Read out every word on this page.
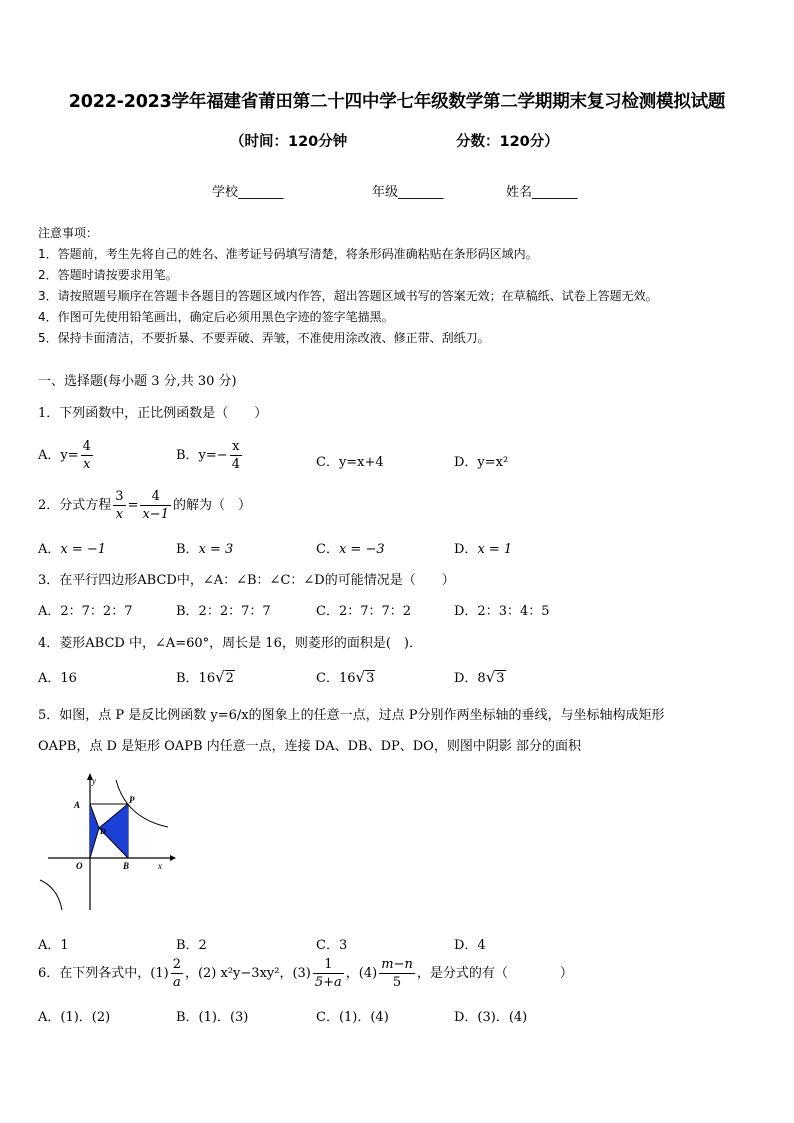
2022-2023学年福建省莆田第二十四中学七年级数学第二学期期末复习检测模拟试题
（时间：120分钟	分数：120分）
学校_______	年级_______	姓名_______
注意事项：
1．答题前，考生先将自己的姓名、准考证号码填写清楚，将条形码准确粘贴在条形码区域内。
2．答题时请按要求用笔。
3．请按照题号顺序在答题卡各题目的答题区域内作答，超出答题区域书写的答案无效；在草稿纸、试卷上答题无效。
4．作图可先使用铅笔画出，确定后必须用黑色字迹的签字笔描黑。
5．保持卡面清洁，不要折暴、不要弄破、弄皱，不准使用涂改液、修正带、刮纸刀。
一、选择题(每小题 3 分,共 30 分)
1．下列函数中，正比例函数是（　　）
A．$y= \frac{4}{x}$	B．$y=- \frac{x}{4}$	C．y=x+4	D．y=x²
2．分式方程 $\frac{3}{x} = \frac{4}{x-1}$ 的解为（　）
A．x = −1	B．x = 3	C．x = −3	D．x = 1
3．在平行四边形ABCD中，∠A：∠B：∠C：∠D的可能情况是（　　）
A．2：7：2：7	B．2：2：7：7	C．2：7：7：2	D．2：3：4：5
4．菱形ABCD 中，∠A=60°，周长是 16，则菱形的面积是(　)．
A．16	B．16√2	C．16√3	D．8√3
5．如图，点 P 是反比例函数 y=6/x的图象上的任意一点，过点 P分别作两坐标轴的垂线，与坐标轴构成矩形
OAPB，点 D 是矩形 OAPB 内任意一点，连接 DA、DB、DP、DO，则图中阴影 部分的面积
A	P
D
O	B	x
y
A．1	B．2	C．3	D．4
6．在下列各式中，$(1) \frac{2}{a}$ ，(2) x²y−3xy²，$(3) \frac{1}{5+a}$ ，$(4) \frac{m-n}{5}$ ，是分式的有（　　　　）
A．(1)．(2)	B．(1)．(3)	C．(1)．(4)	D．(3)．(4)
